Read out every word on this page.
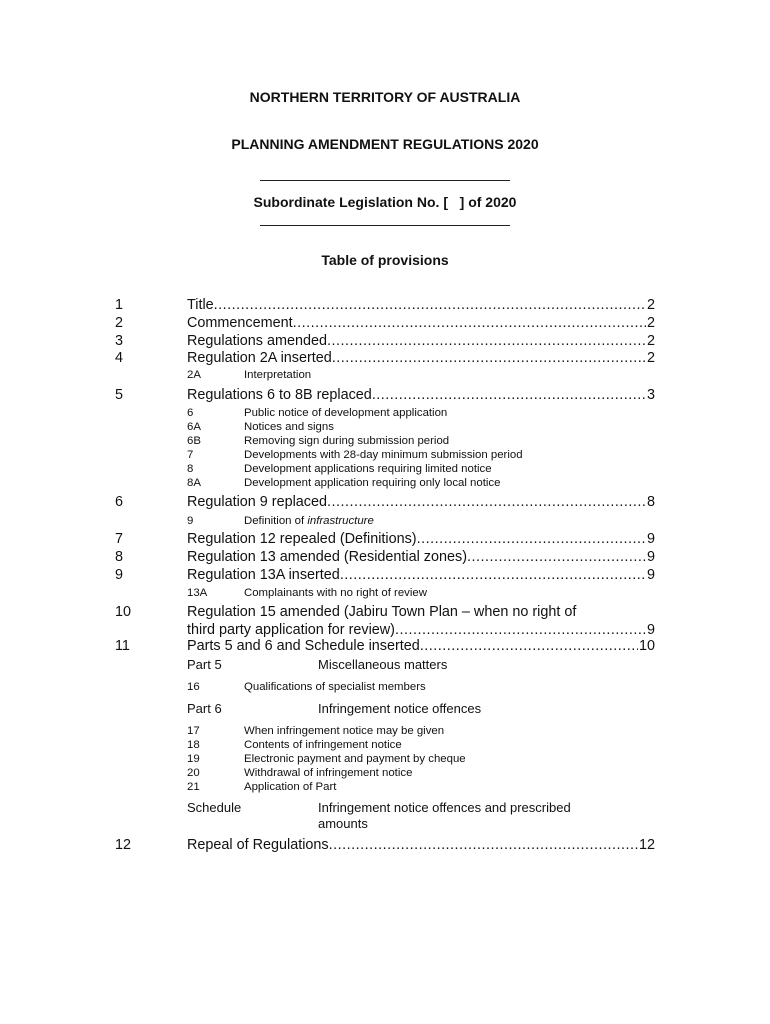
NORTHERN TERRITORY OF AUSTRALIA
PLANNING AMENDMENT REGULATIONS 2020
Subordinate Legislation No. [   ] of 2020
Table of provisions
1	Title .....	2
2	Commencement .....	2
3	Regulations amended .....	2
4	Regulation 2A inserted .....	2
2A	Interpretation
5	Regulations 6 to 8B replaced .....	3
6	Public notice of development application
6A	Notices and signs
6B	Removing sign during submission period
7	Developments with 28-day minimum submission period
8	Development applications requiring limited notice
8A	Development application requiring only local notice
6	Regulation 9 replaced .....	8
9	Definition of infrastructure
7	Regulation 12 repealed (Definitions) .....	9
8	Regulation 13 amended (Residential zones) .....	9
9	Regulation 13A inserted .....	9
13A	Complainants with no right of review
10	Regulation 15 amended (Jabiru Town Plan – when no right of
third party application for review) .....	9
11	Parts 5 and 6 and Schedule inserted .....	10
Part 5	Miscellaneous matters
16	Qualifications of specialist members
Part 6	Infringement notice offences
17	When infringement notice may be given
18	Contents of infringement notice
19	Electronic payment and payment by cheque
20	Withdrawal of infringement notice
21	Application of Part
Schedule	Infringement notice offences and prescribed
amounts
12	Repeal of Regulations .....	12
